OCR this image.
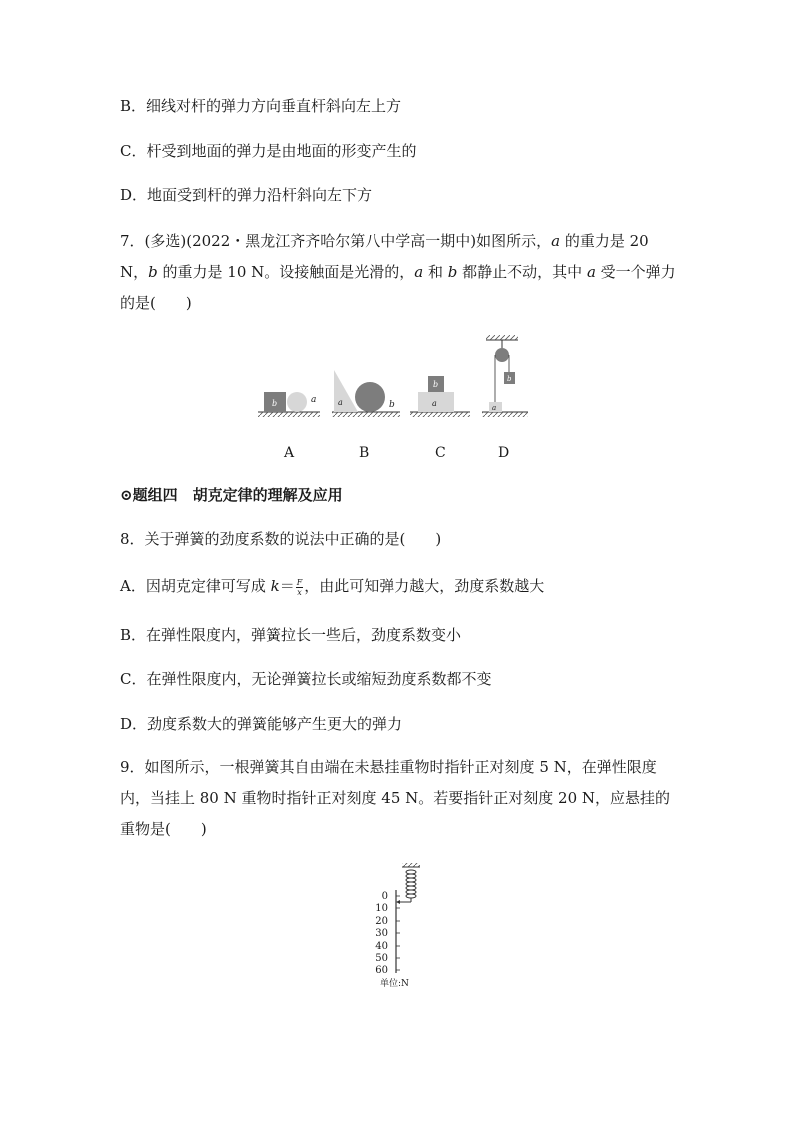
B．细线对杆的弹力方向垂直杆斜向左上方
C．杆受到地面的弹力是由地面的形变产生的
D．地面受到杆的弹力沿杆斜向左下方
7．(多选)(2022・黑龙江齐齐哈尔第八中学高一期中)如图所示，a 的重力是 20 N，b 的重力是 10 N。设接触面是光滑的，a 和 b 都静止不动，其中 a 受一个弹力的是(　　)
b	a	a	b	a
b
b
a
A	B	C	D
⊙题组四　胡克定律的理解及应用
8．关于弹簧的劲度系数的说法中正确的是(　　)
A．因胡克定律可写成 $k= \frac{F}{x}$ ，由此可知弹力越大，劲度系数越大
B．在弹性限度内，弹簧拉长一些后，劲度系数变小
C．在弹性限度内，无论弹簧拉长或缩短劲度系数都不变
D．劲度系数大的弹簧能够产生更大的弹力
9．如图所示，一根弹簧其自由端在未悬挂重物时指针正对刻度 5 N，在弹性限度内，当挂上 80 N 重物时指针正对刻度 45 N。若要指针正对刻度 20 N，应悬挂的重物是(　　)
0
10
20
30
40
50
60
单位:N
